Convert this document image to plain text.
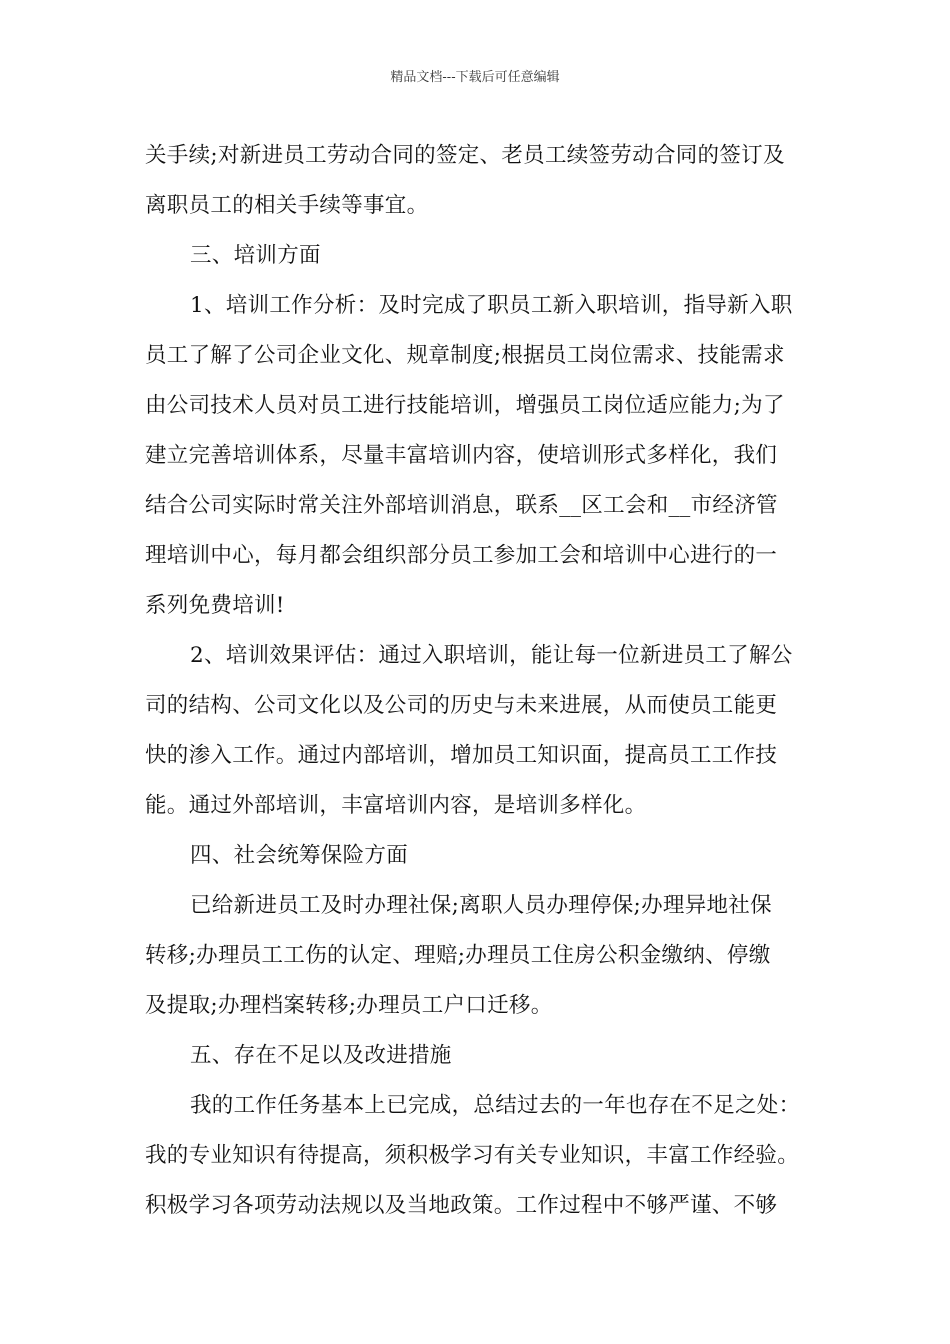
精品文档---下载后可任意编辑
关手续;对新进员工劳动合同的签定、老员工续签劳动合同的签订及
离职员工的相关手续等事宜。
三、培训方面
1、培训工作分析：及时完成了职员工新入职培训，指导新入职
员工了解了公司企业文化、规章制度;根据员工岗位需求、技能需求
由公司技术人员对员工进行技能培训，增强员工岗位适应能力;为了
建立完善培训体系，尽量丰富培训内容，使培训形式多样化，我们
结合公司实际时常关注外部培训消息，联系__区工会和__市经济管
理培训中心，每月都会组织部分员工参加工会和培训中心进行的一
系列免费培训!
2、培训效果评估：通过入职培训，能让每一位新进员工了解公
司的结构、公司文化以及公司的历史与未来进展，从而使员工能更
快的渗入工作。通过内部培训，增加员工知识面，提高员工工作技
能。通过外部培训，丰富培训内容，是培训多样化。
四、社会统筹保险方面
已给新进员工及时办理社保;离职人员办理停保;办理异地社保
转移;办理员工工伤的认定、理赔;办理员工住房公积金缴纳、停缴
及提取;办理档案转移;办理员工户口迁移。
五、存在不足以及改进措施
我的工作任务基本上已完成，总结过去的一年也存在不足之处：
我的专业知识有待提高，须积极学习有关专业知识，丰富工作经验。
积极学习各项劳动法规以及当地政策。工作过程中不够严谨、不够
